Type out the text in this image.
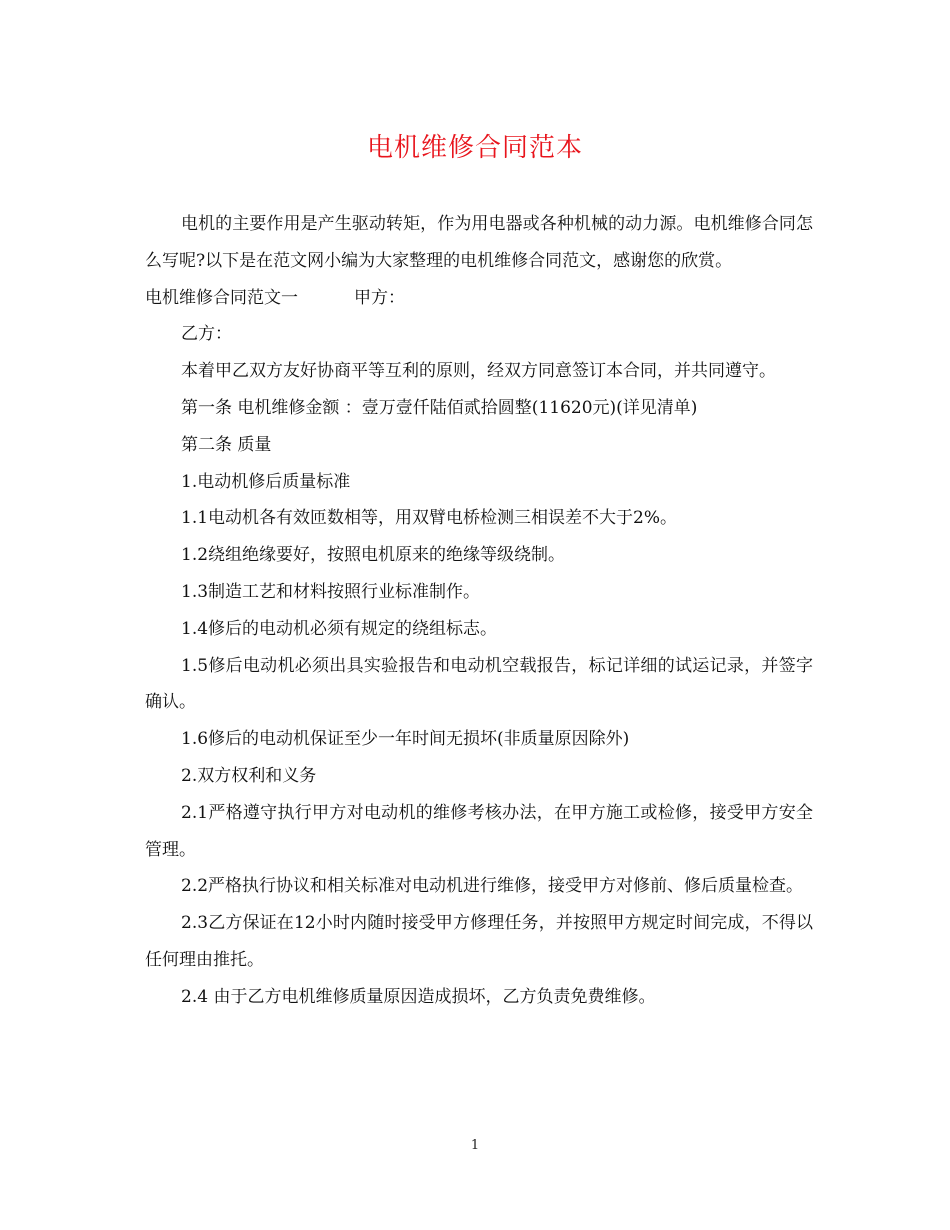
电机维修合同范本

电机的主要作用是产生驱动转矩，作为用电器或各种机械的动力源。电机维修合同怎么写呢?以下是在范文网小编为大家整理的电机维修合同范文，感谢您的欣赏。

电机维修合同范文一	甲方：

乙方：

本着甲乙双方友好协商平等互利的原则，经双方同意签订本合同，并共同遵守。

第一条 电机维修金额 ：壹万壹仟陆佰贰拾圆整(11620元)(详见清单)

第二条 质量

1.电动机修后质量标准

1.1电动机各有效匝数相等，用双臂电桥检测三相误差不大于2%。

1.2绕组绝缘要好，按照电机原来的绝缘等级绕制。

1.3制造工艺和材料按照行业标准制作。

1.4修后的电动机必须有规定的绕组标志。

1.5修后电动机必须出具实验报告和电动机空载报告，标记详细的试运记录，并签字确认。

1.6修后的电动机保证至少一年时间无损坏(非质量原因除外)

2.双方权利和义务

2.1严格遵守执行甲方对电动机的维修考核办法，在甲方施工或检修，接受甲方安全管理。

2.2严格执行协议和相关标准对电动机进行维修，接受甲方对修前、修后质量检查。

2.3乙方保证在12小时内随时接受甲方修理任务，并按照甲方规定时间完成，不得以任何理由推托。

2.4 由于乙方电机维修质量原因造成损坏，乙方负责免费维修。

1
